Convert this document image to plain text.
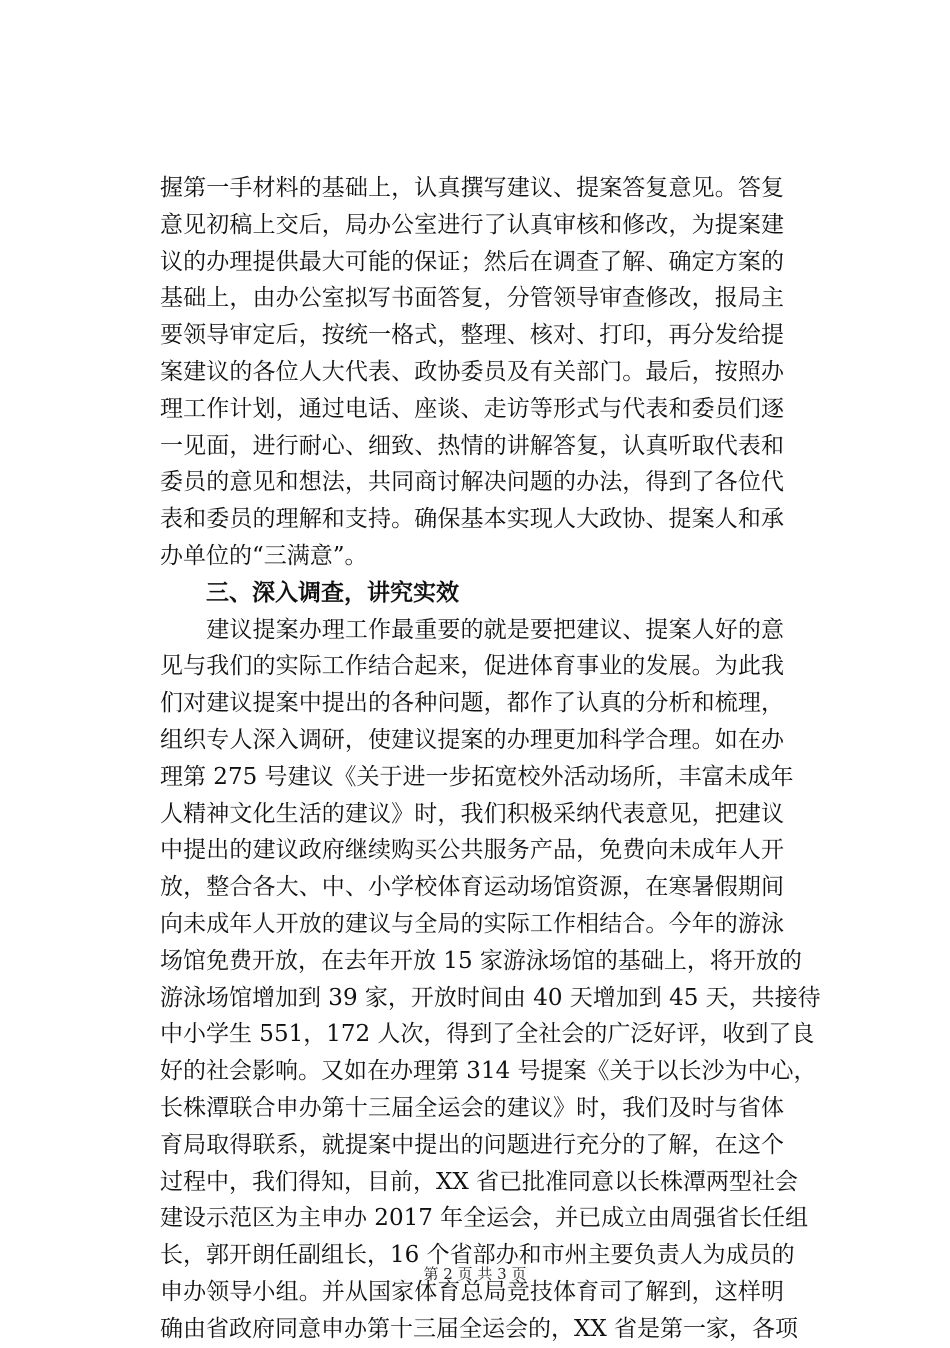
握第一手材料的基础上，认真撰写建议、提案答复意见。答复
意见初稿上交后，局办公室进行了认真审核和修改，为提案建
议的办理提供最大可能的保证；然后在调查了解、确定方案的
基础上，由办公室拟写书面答复，分管领导审查修改，报局主
要领导审定后，按统一格式，整理、核对、打印，再分发给提
案建议的各位人大代表、政协委员及有关部门。最后，按照办
理工作计划，通过电话、座谈、走访等形式与代表和委员们逐
一见面，进行耐心、细致、热情的讲解答复，认真听取代表和
委员的意见和想法，共同商讨解决问题的办法，得到了各位代
表和委员的理解和支持。确保基本实现人大政协、提案人和承
办单位的“三满意”。
三、深入调查，讲究实效
　　建议提案办理工作最重要的就是要把建议、提案人好的意
见与我们的实际工作结合起来，促进体育事业的发展。为此我
们对建议提案中提出的各种问题，都作了认真的分析和梳理，
组织专人深入调研，使建议提案的办理更加科学合理。如在办
理第 275 号建议《关于进一步拓宽校外活动场所，丰富未成年
人精神文化生活的建议》时，我们积极采纳代表意见，把建议
中提出的建议政府继续购买公共服务产品，免费向未成年人开
放，整合各大、中、小学校体育运动场馆资源，在寒暑假期间
向未成年人开放的建议与全局的实际工作相结合。今年的游泳
场馆免费开放，在去年开放 15 家游泳场馆的基础上，将开放的
游泳场馆增加到 39 家，开放时间由 40 天增加到 45 天，共接待
中小学生 551，172 人次，得到了全社会的广泛好评，收到了良
好的社会影响。又如在办理第 314 号提案《关于以长沙为中心，
长株潭联合申办第十三届全运会的建议》时，我们及时与省体
育局取得联系，就提案中提出的问题进行充分的了解，在这个
过程中，我们得知，目前，XX 省已批准同意以长株潭两型社会
建设示范区为主申办 2017 年全运会，并已成立由周强省长任组
长，郭开朗任副组长，16 个省部办和市州主要负责人为成员的
申办领导小组。并从国家体育总局竞技体育司了解到，这样明
确由省政府同意申办第十三届全运会的，XX 省是第一家，各项
第 2 页 共 3 页
